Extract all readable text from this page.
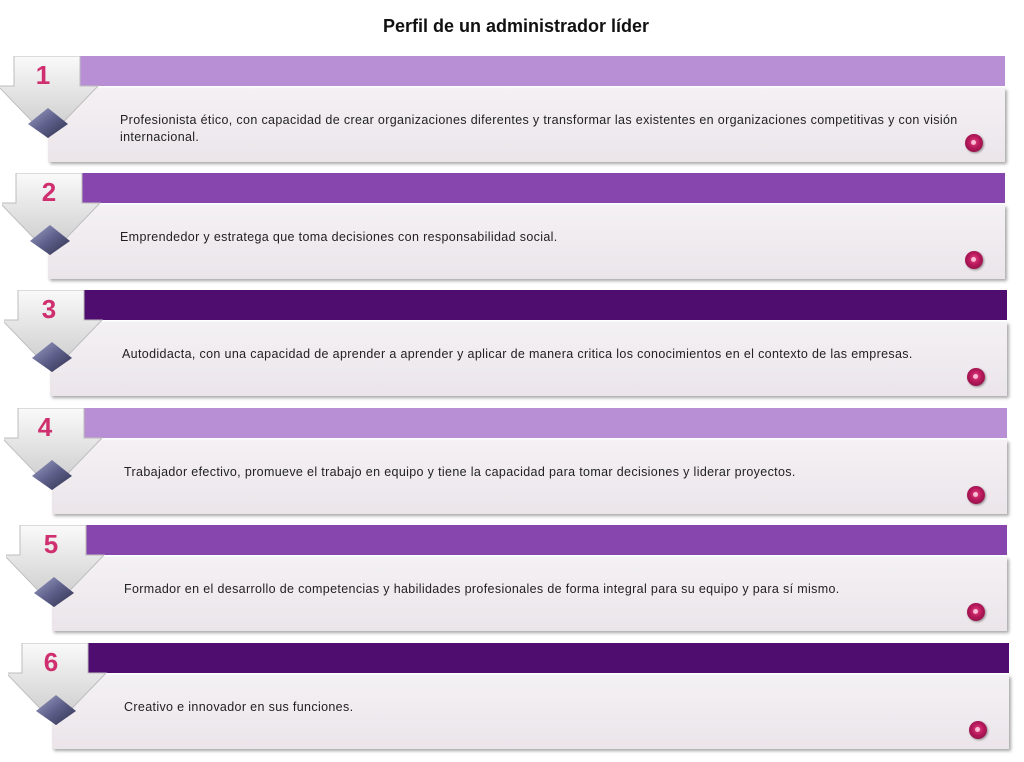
Perfil de un administrador líder
Profesionista ético, con capacidad de crear organizaciones diferentes y transformar las existentes en organizaciones competitivas y con visión internacional.
1
Emprendedor y estratega que toma decisiones con responsabilidad social.
2
Autodidacta, con una capacidad de aprender a aprender y aplicar de manera critica los conocimientos en el contexto de las empresas.
3
Trabajador efectivo, promueve el trabajo en equipo y tiene la capacidad para tomar decisiones y liderar proyectos.
4
Formador en el desarrollo de competencias y habilidades profesionales de forma integral para su equipo y para sí mismo.
5
Creativo e innovador en sus funciones.
6
